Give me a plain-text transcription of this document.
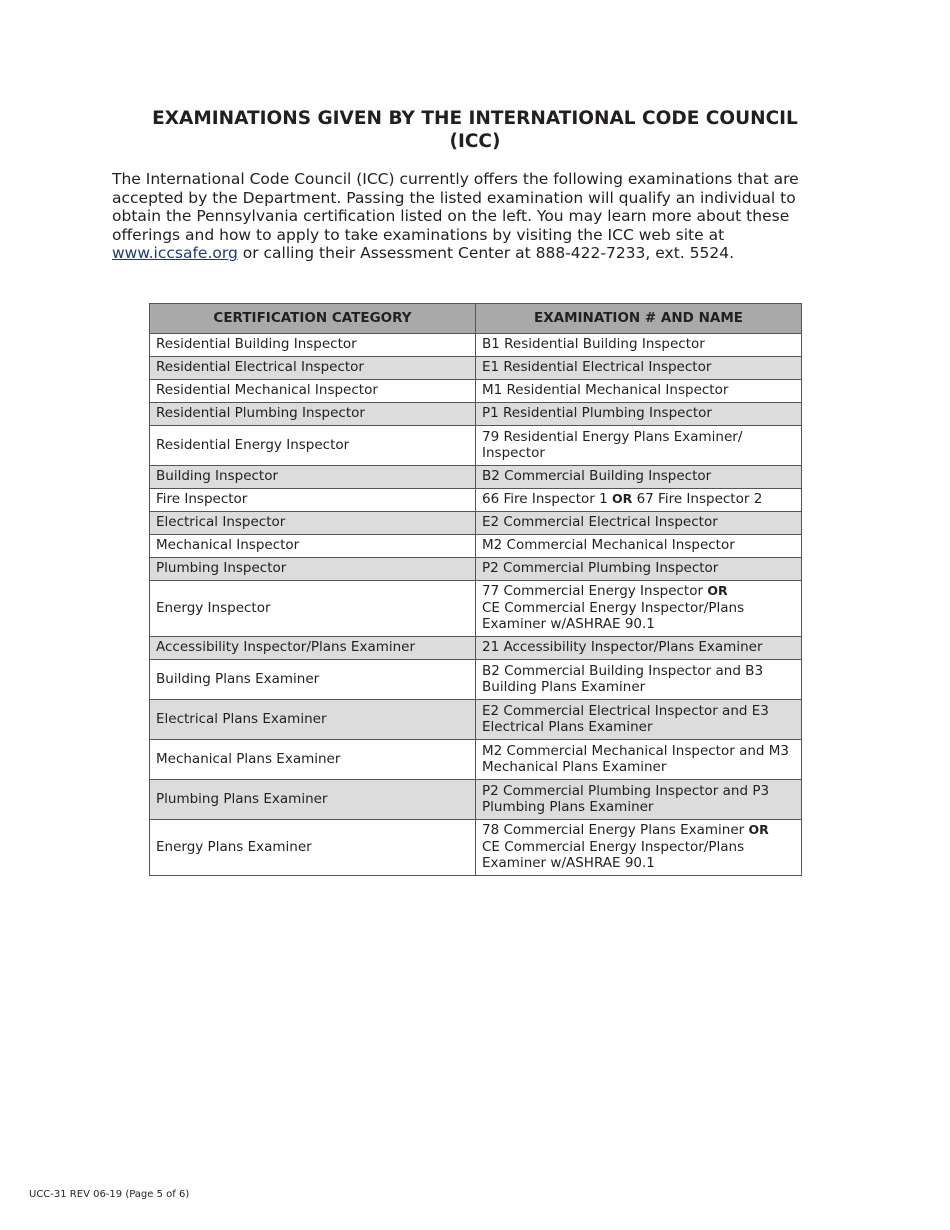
EXAMINATIONS GIVEN BY THE INTERNATIONAL CODE COUNCIL
(ICC)

The International Code Council (ICC) currently offers the following examinations that are accepted by the Department. Passing the listed examination will qualify an individual to obtain the Pennsylvania certification listed on the left. You may learn more about these offerings and how to apply to take examinations by visiting the ICC web site at www.iccsafe.org or calling their Assessment Center at 888-422-7233, ext. 5524.

CERTIFICATION CATEGORY	EXAMINATION # AND NAME
Residential Building Inspector	B1 Residential Building Inspector
Residential Electrical Inspector	E1 Residential Electrical Inspector
Residential Mechanical Inspector	M1 Residential Mechanical Inspector
Residential Plumbing Inspector	P1 Residential Plumbing Inspector
Residential Energy Inspector	79 Residential Energy Plans Examiner/ Inspector
Building Inspector	B2 Commercial Building Inspector
Fire Inspector	66 Fire Inspector 1 OR 67 Fire Inspector 2
Electrical Inspector	E2 Commercial Electrical Inspector
Mechanical Inspector	M2 Commercial Mechanical Inspector
Plumbing Inspector	P2 Commercial Plumbing Inspector
Energy Inspector	77 Commercial Energy Inspector OR
CE Commercial Energy Inspector/Plans Examiner w/ASHRAE 90.1
Accessibility Inspector/Plans Examiner	21 Accessibility Inspector/Plans Examiner
Building Plans Examiner	B2 Commercial Building Inspector and B3 Building Plans Examiner
Electrical Plans Examiner	E2 Commercial Electrical Inspector and E3 Electrical Plans Examiner
Mechanical Plans Examiner	M2 Commercial Mechanical Inspector and M3 Mechanical Plans Examiner
Plumbing Plans Examiner	P2 Commercial Plumbing Inspector and P3 Plumbing Plans Examiner
Energy Plans Examiner	78 Commercial Energy Plans Examiner OR
CE Commercial Energy Inspector/Plans Examiner w/ASHRAE 90.1
UCC-31 REV 06-19 (Page 5 of 6)
